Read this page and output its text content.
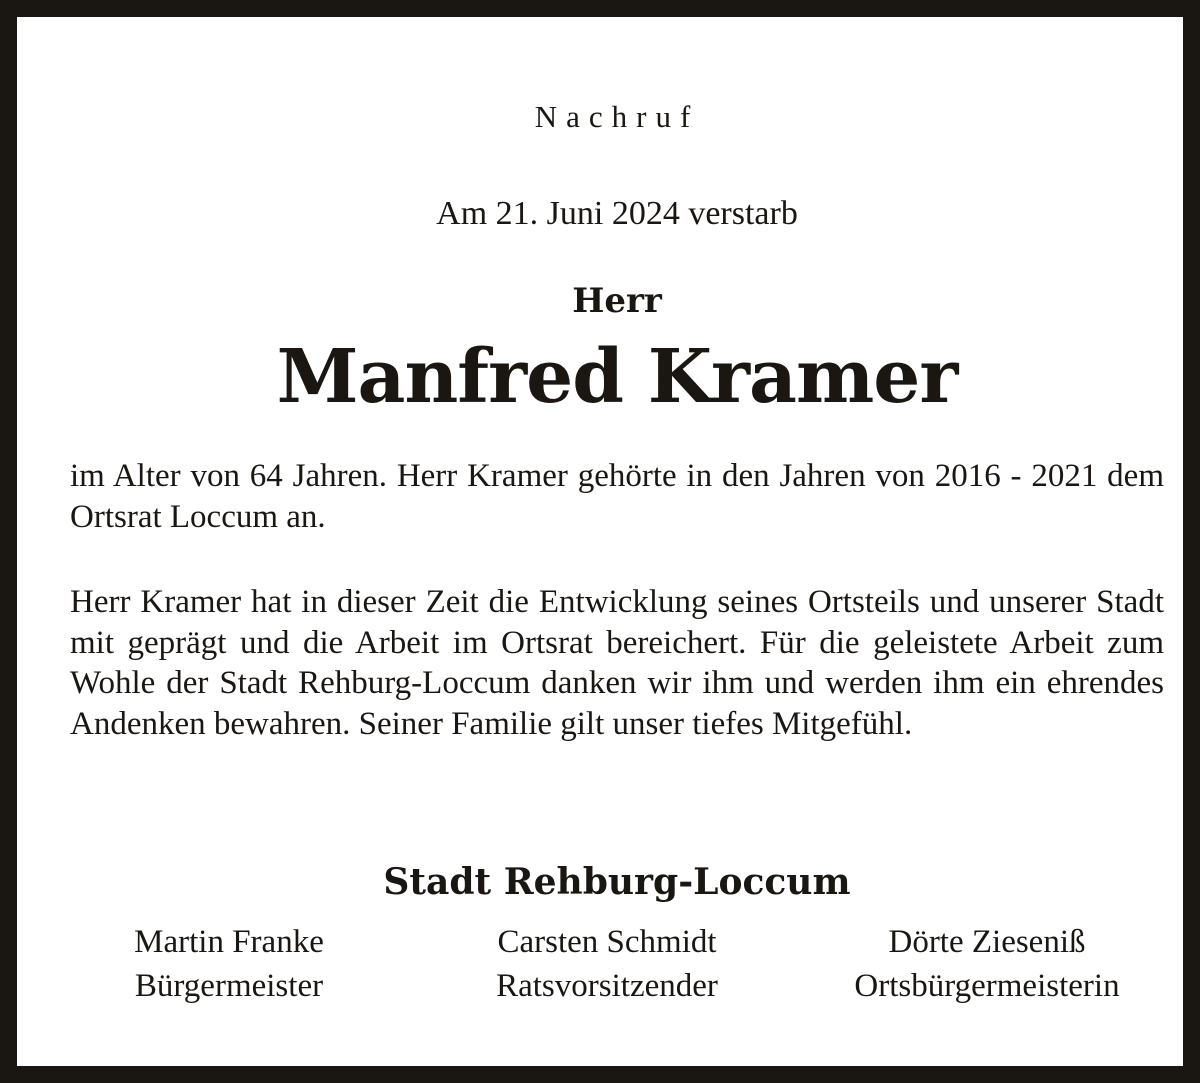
Nachruf
Am 21. Juni 2024 verstarb
Herr
Manfred Kramer
im Alter von 64 Jahren. Herr Kramer gehörte in den Jahren von 2016 - 2021 dem Ortsrat Loccum an.
Herr Kramer hat in dieser Zeit die Entwicklung seines Ortsteils und unserer Stadt mit geprägt und die Arbeit im Ortsrat bereichert. Für die geleistete Arbeit zum Wohle der Stadt Rehburg-Loccum danken wir ihm und werden ihm ein ehrendes Andenken bewahren. Seiner Familie gilt unser tiefes Mitgefühl.
Stadt Rehburg-Loccum
Martin Franke
Bürgermeister
Carsten Schmidt
Ratsvorsitzender
Dörte Zieseniß
Ortsbürgermeisterin
